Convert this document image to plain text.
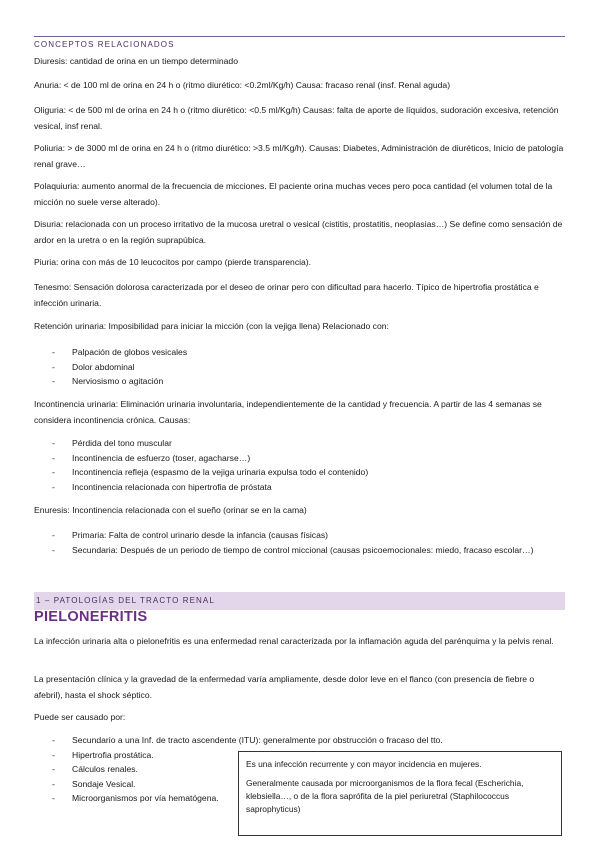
CONCEPTOS RELACIONADOS
Diuresis: cantidad de orina en un tiempo determinado
Anuria: < de 100 ml de orina en 24 h o (ritmo diurético: <0.2ml/Kg/h) Causa: fracaso renal (insf. Renal aguda)
Oliguria: < de 500 ml de orina en 24 h o (ritmo diurético: <0.5 ml/Kg/h) Causas: falta de aporte de líquidos, sudoración excesiva, retención vesical, insf renal.
Poliuria: > de 3000 ml de orina en 24 h o (ritmo diurético: >3.5 ml/Kg/h). Causas: Diabetes, Administración de diuréticos, Inicio de patología renal grave…
Polaquiuria: aumento anormal de la frecuencia de micciones. El paciente orina muchas veces pero poca cantidad (el volumen total de la micción no suele verse alterado).
Disuria: relacionada con un proceso irritativo de la mucosa uretral o vesical (cistitis, prostatitis, neoplasias…) Se define como sensación de ardor en la uretra o en la región suprapúbica.
Piuria: orina con más de 10 leucocitos por campo (pierde transparencia).
Tenesmo: Sensación dolorosa caracterizada por el deseo de orinar pero con dificultad para hacerlo. Típico de hipertrofia prostática e infección urinaria.
Retención urinaria: Imposibilidad para iniciar la micción (con la vejiga llena) Relacionado con:
- Palpación de globos vesicales
- Dolor abdominal
- Nerviosismo o agitación
Incontinencia urinaria: Eliminación urinaria involuntaria, independientemente de la cantidad y frecuencia. A partir de las 4 semanas se considera incontinencia crónica. Causas:
- Pérdida del tono muscular
- Incontinencia de esfuerzo (toser, agacharse…)
- Incontinencia refleja (espasmo de la vejiga urinaria expulsa todo el contenido)
- Incontinencia relacionada con hipertrofia de próstata
Enuresis: Incontinencia relacionada con el sueño (orinar se en la cama)
- Primaria: Falta de control urinario desde la infancia (causas físicas)
- Secundaria: Después de un periodo de tiempo de control miccional (causas psicoemocionales: miedo, fracaso escolar…)
1 – PATOLOGÍAS DEL TRACTO RENAL
PIELONEFRITIS
La infección urinaria alta o pielonefritis es una enfermedad renal caracterizada por la inflamación aguda del parénquima y la pelvis renal.
La presentación clínica y la gravedad de la enfermedad varía ampliamente, desde dolor leve en el flanco (con presencia de fiebre o afebril), hasta el shock séptico.
Puede ser causado por:
- Secundario a una Inf. de tracto ascendente (ITU): generalmente por obstrucción o fracaso del tto.
- Hipertrofia prostática.
- Cálculos renales.
- Sondaje Vesical.
- Microorganismos por vía hematógena.

Es una infección recurrente y con mayor incidencia en mujeres.

Generalmente causada por microorganismos de la flora fecal (Escherichia, klebsiella…, o de la flora saprófita de la piel periuretral (Staphilococcus saprophyticus)
